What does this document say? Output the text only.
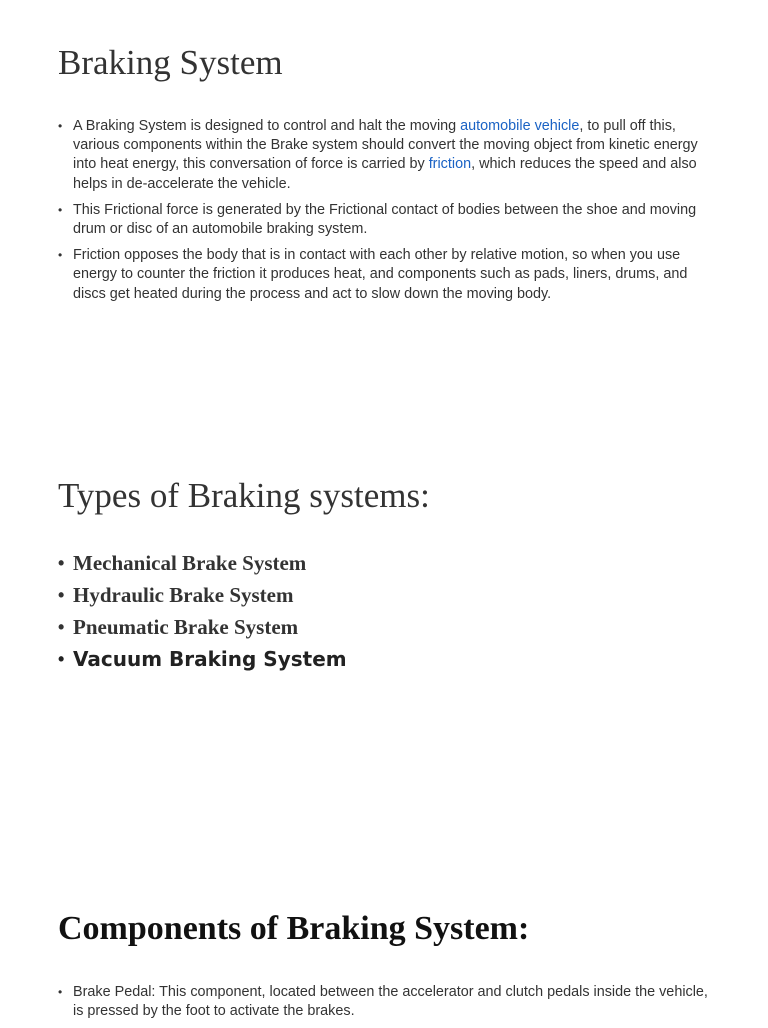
Braking System
• A Braking System is designed to control and halt the moving automobile vehicle, to pull off this, various components within the Brake system should convert the moving object from kinetic energy into heat energy, this conversation of force is carried by friction, which reduces the speed and also helps in de-accelerate the vehicle.
• This Frictional force is generated by the Frictional contact of bodies between the shoe and moving drum or disc of an automobile braking system.
• Friction opposes the body that is in contact with each other by relative motion, so when you use energy to counter the friction it produces heat, and components such as pads, liners, drums, and discs get heated during the process and act to slow down the moving body.
Types of Braking systems:
• Mechanical Brake System
• Hydraulic Brake System
• Pneumatic Brake System
• Vacuum Braking System
Components of Braking System:
• Brake Pedal: This component, located between the accelerator and clutch pedals inside the vehicle, is pressed by the foot to activate the brakes.
